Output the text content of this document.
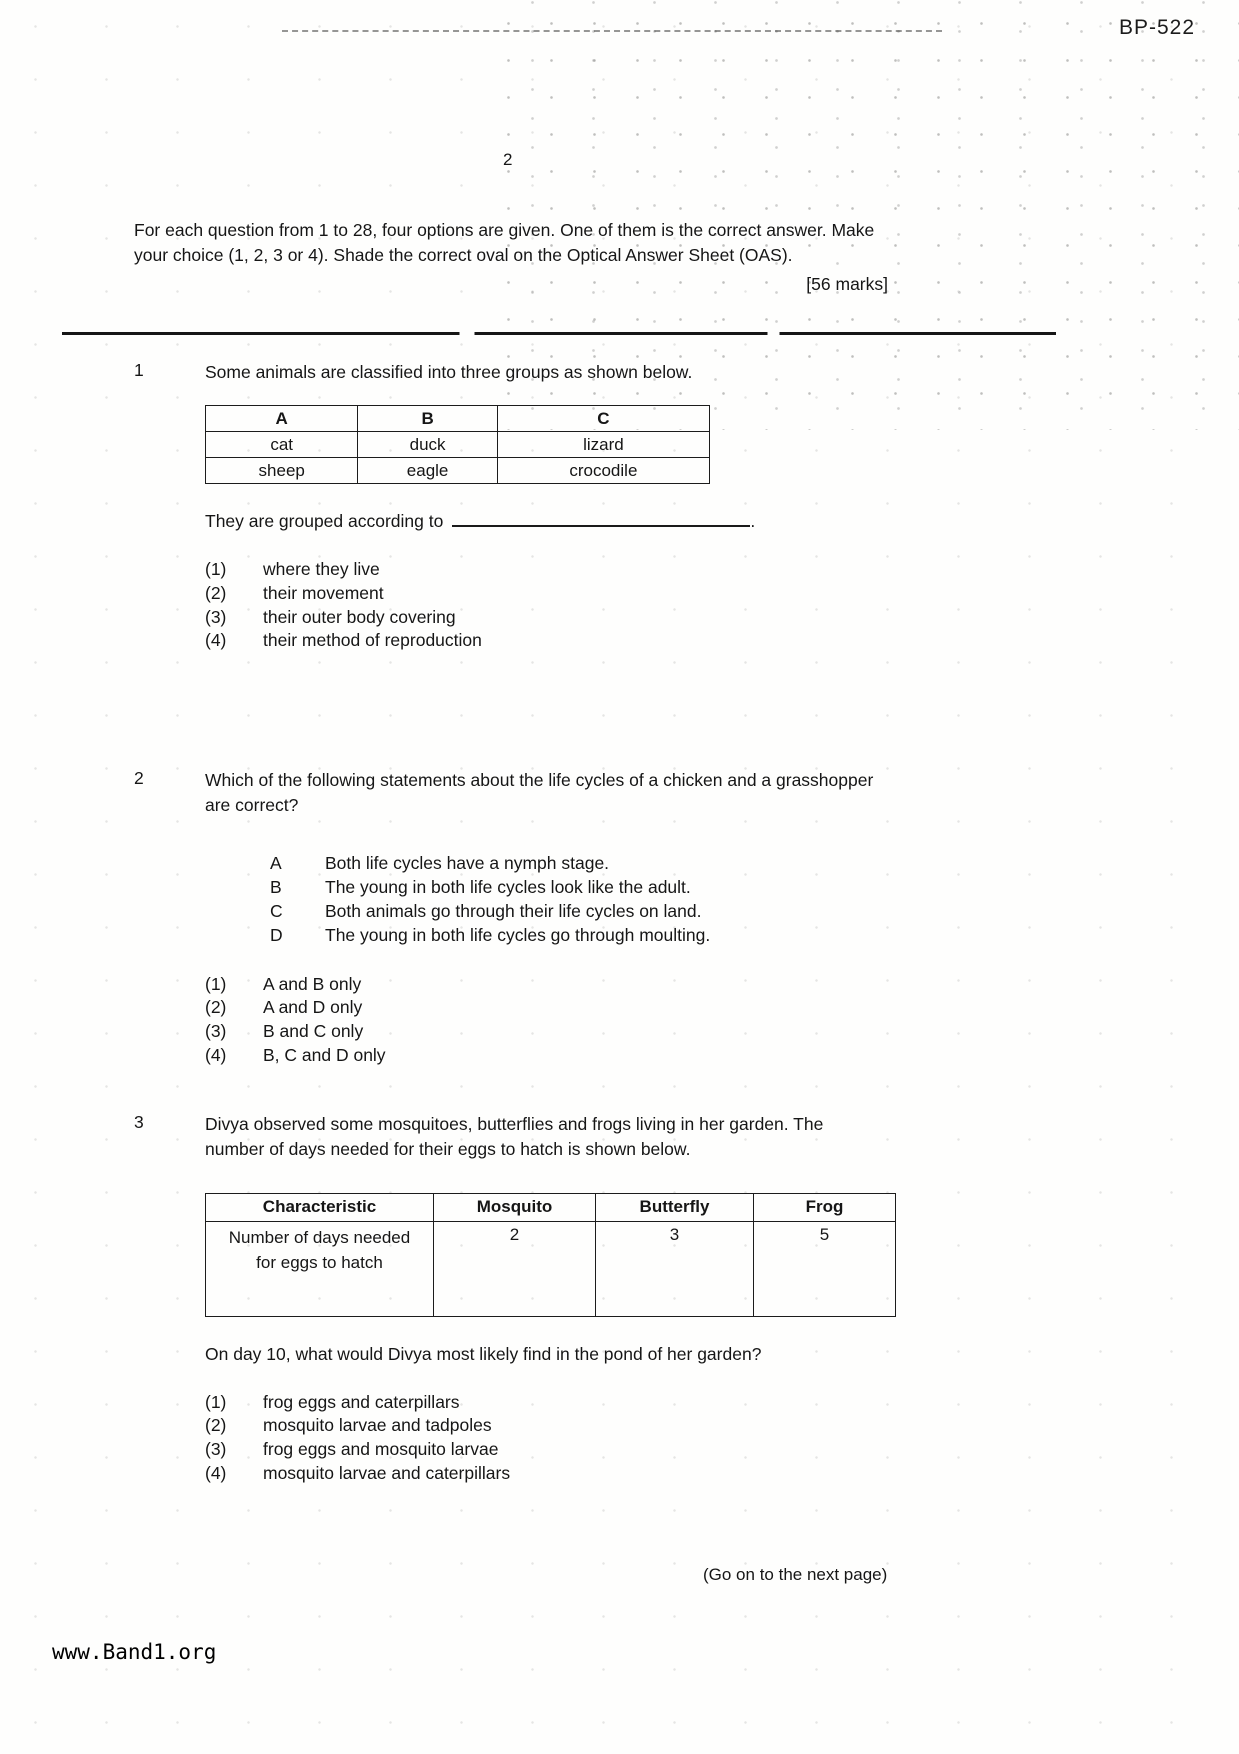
BP-522
2

For each question from 1 to 28, four options are given. One of them is the correct answer. Make your choice (1, 2, 3 or 4). Shade the correct oval on the Optical Answer Sheet (OAS).

[56 marks]
1	Some animals are classified into three groups as shown below.

A	B	C
cat	duck	lizard
sheep	eagle	crocodile

They are grouped according to	.

(1)	where they live
(2)	their movement
(3)	their outer body covering
(4)	their method of reproduction
2	Which of the following statements about the life cycles of a chicken and a grasshopper are correct?

A	Both life cycles have a nymph stage.
B	The young in both life cycles look like the adult.
C	Both animals go through their life cycles on land.
D	The young in both life cycles go through moulting.
(1)	A and B only
(2)	A and D only
(3)	B and C only
(4)	B, C and D only
3	Divya observed some mosquitoes, butterflies and frogs living in her garden. The number of days needed for their eggs to hatch is shown below.

Characteristic	Mosquito	Butterfly	Frog
Number of days needed for eggs to hatch	2	3	5

On day 10, what would Divya most likely find in the pond of her garden?

(1)	frog eggs and caterpillars
(2)	mosquito larvae and tadpoles
(3)	frog eggs and mosquito larvae
(4)	mosquito larvae and caterpillars
(Go on to the next page)
www.Band1.org
